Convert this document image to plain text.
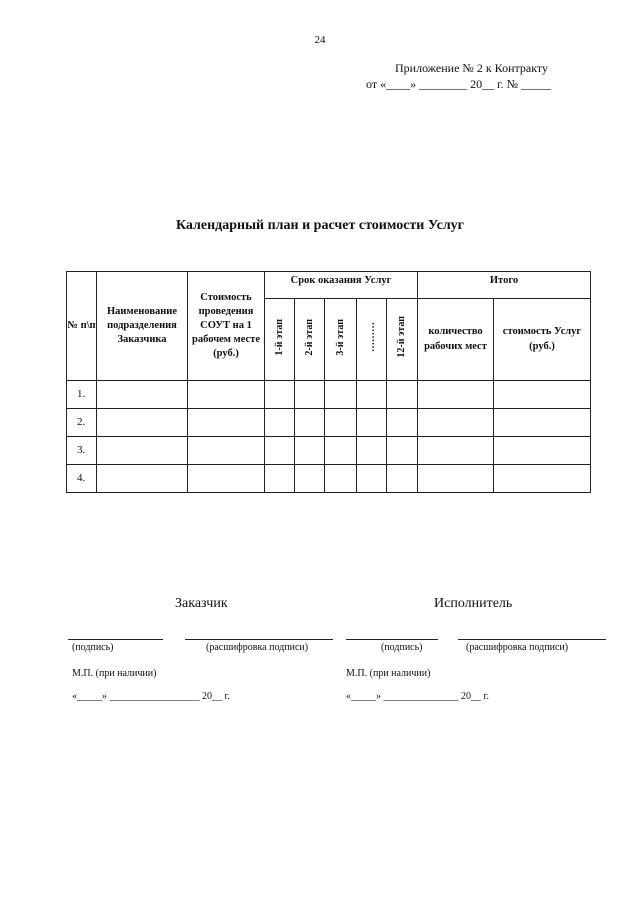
24
Приложение № 2 к Контракту
от «____» ________ 20__ г. № _____
Календарный план и расчет стоимости Услуг
№ п\п	Наименование подразделения Заказчика	Стоимость проведения СОУТ на 1 рабочем месте (руб.)	Срок оказания Услуг					Итого	
			1-й этап	2-й этап	3-й этап	………	12-й этап	количество рабочих мест	стоимость Услуг (руб.)
1.									
2.									
3.									
4.									
Заказчик	Исполнитель
(подпись)	(расшифровка подписи)	(подпись)	(расшифровка подписи)
М.П. (при наличии)	М.П. (при наличии)
«_____» __________________ 20__ г.	«_____» _______________ 20__ г.
